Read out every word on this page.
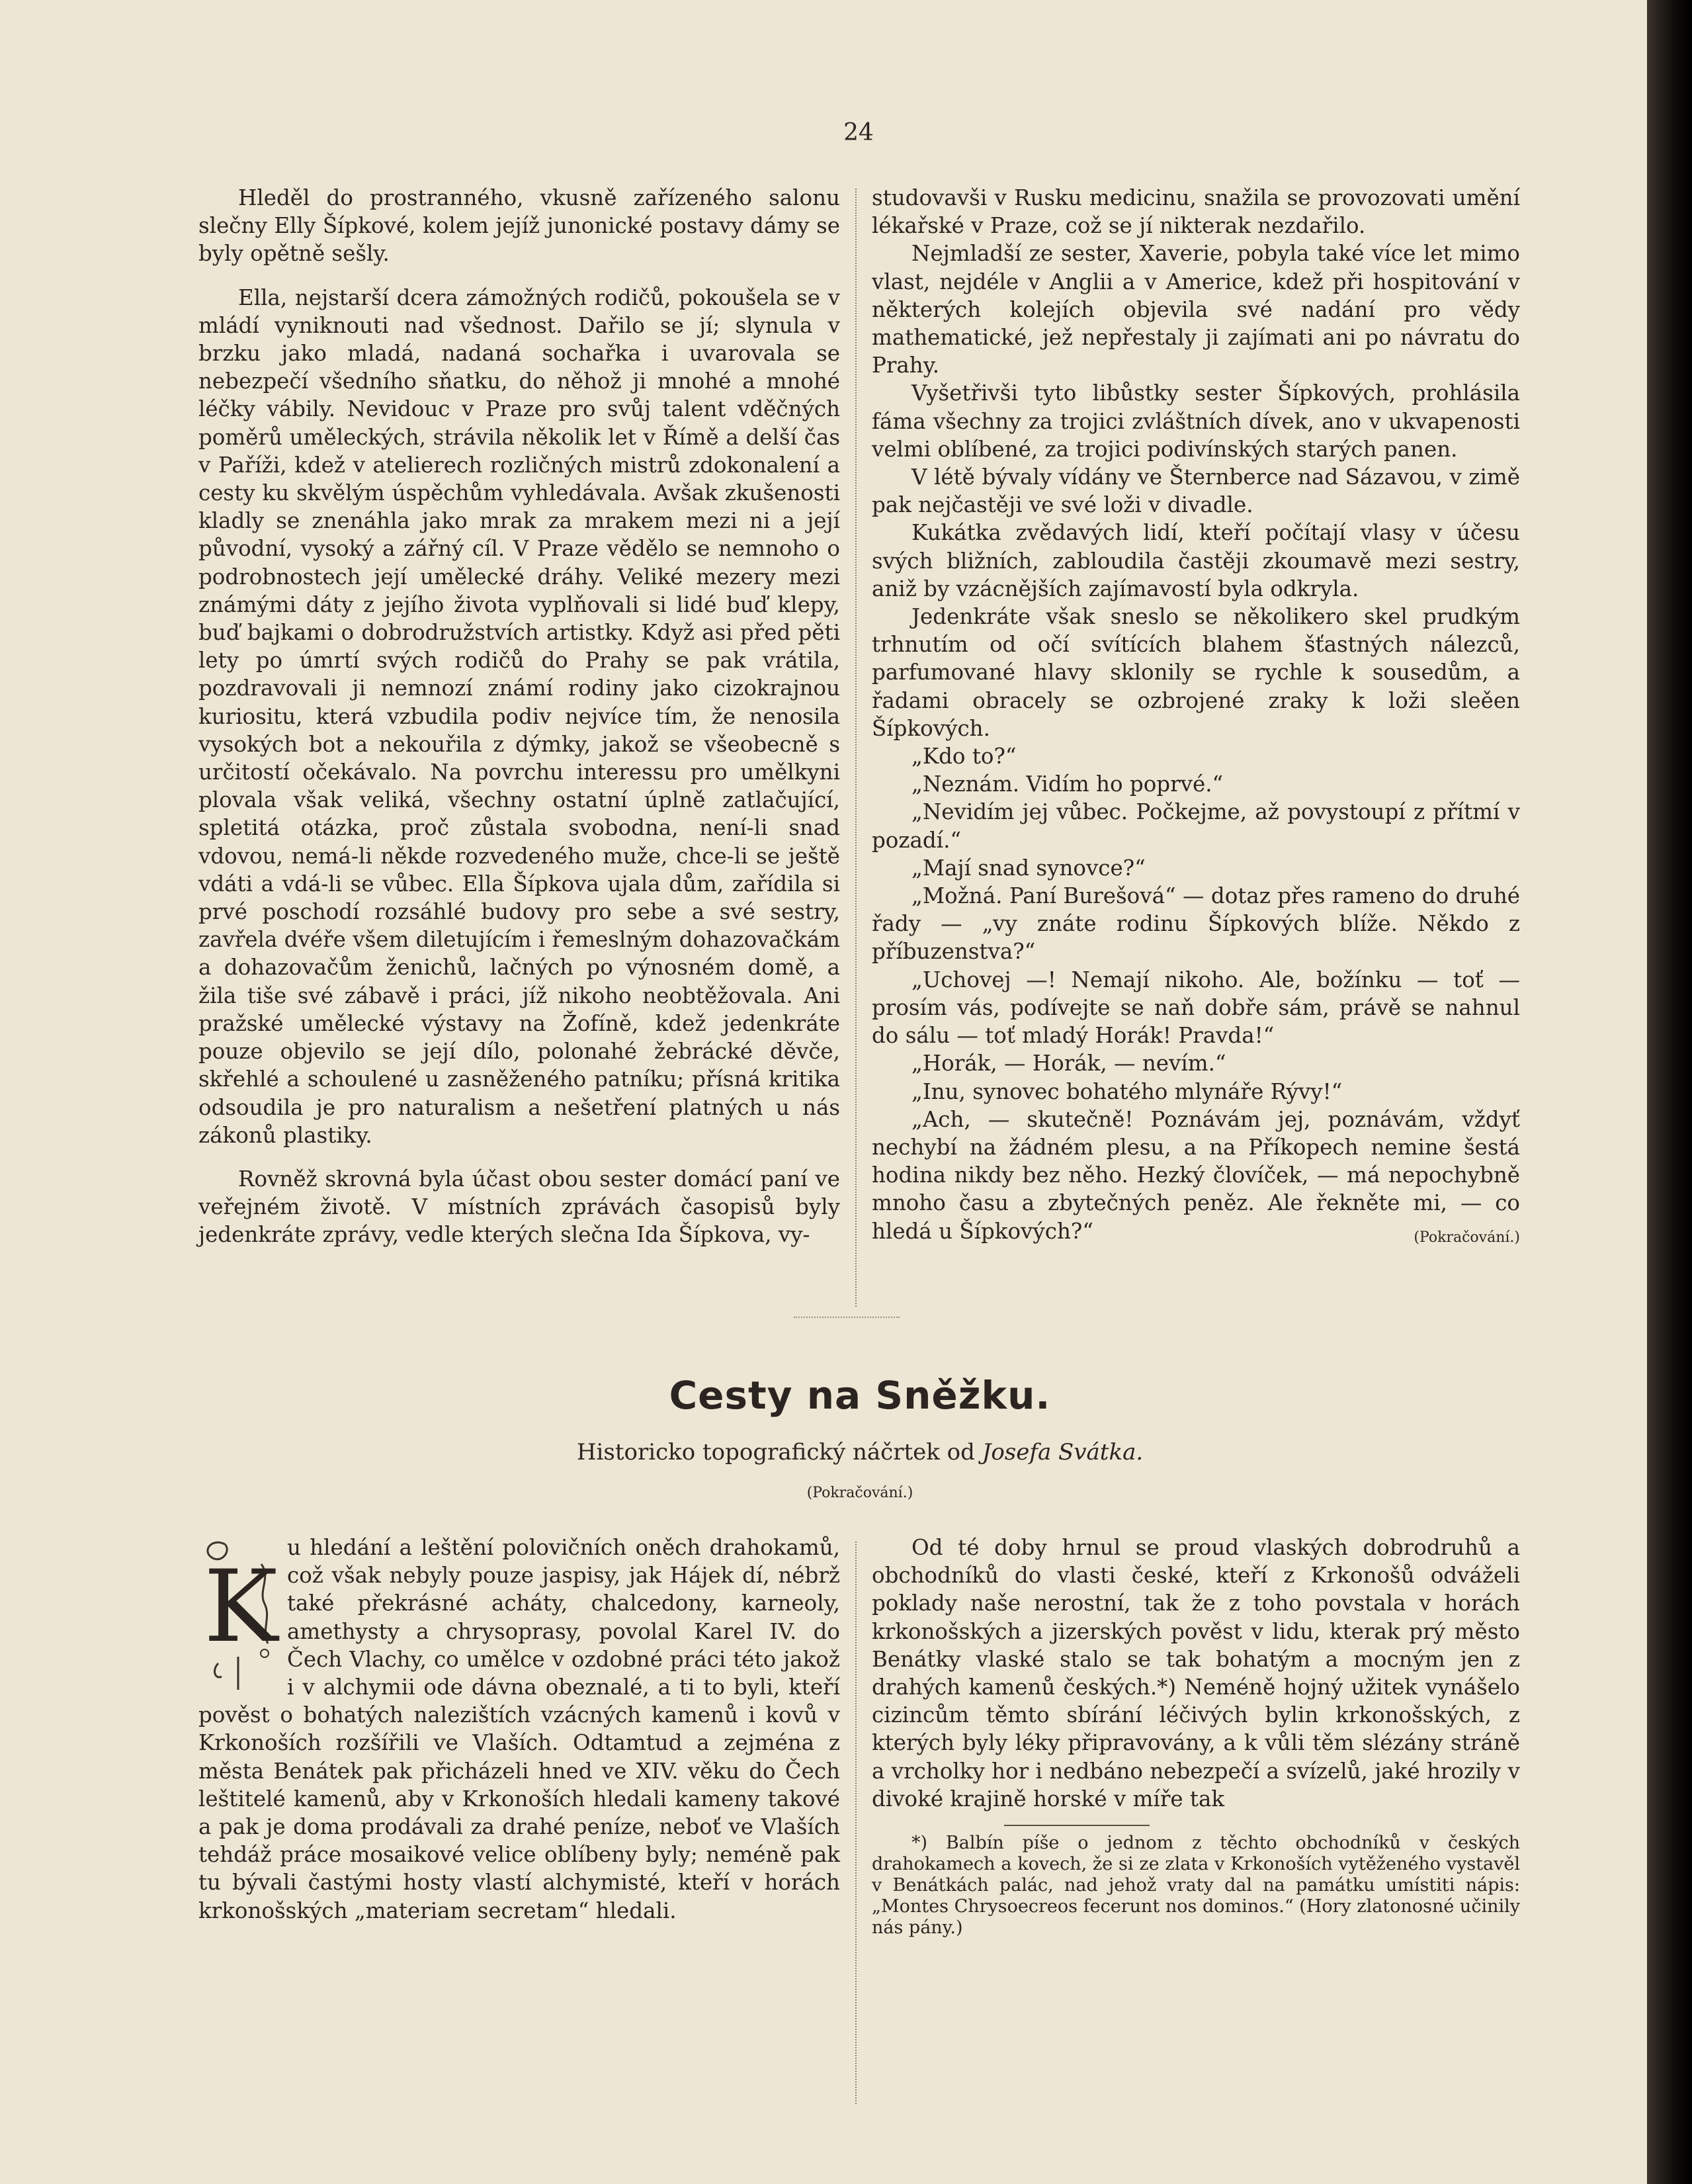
24

Hleděl do prostranného, vkusně zařízeného salonu slečny Elly Šípkové, kolem jejíž junonické postavy dámy se byly opětně sešly.

Ella, nejstarší dcera zámožných rodičů, pokoušela se v mládí vyniknouti nad všednost. Dařilo se jí; slynula v brzku jako mladá, nadaná sochařka i uvarovala se nebezpečí všedního sňatku, do něhož ji mnohé a mnohé léčky vábily. Nevidouc v Praze pro svůj talent vděčných poměrů uměleckých, strávila několik let v Římě a delší čas v Paříži, kdež v atelierech rozličných mistrů zdokonalení a cesty ku skvělým úspěchům vyhledávala. Avšak zkušenosti kladly se znenáhla jako mrak za mrakem mezi ni a její původní, vysoký a zářný cíl. V Praze vědělo se nemnoho o podrobnostech její umělecké dráhy. Veliké mezery mezi známými dáty z jejího života vyplňovali si lidé buď klepy, buď bajkami o dobrodružstvích artistky. Když asi před pěti lety po úmrtí svých rodičů do Prahy se pak vrátila, pozdravovali ji nemnozí známí rodiny jako cizokrajnou kuriositu, která vzbudila podiv nejvíce tím, že nenosila vysokých bot a nekouřila z dýmky, jakož se všeobecně s určitostí očekávalo. Na povrchu interessu pro umělkyni plovala však veliká, všechny ostatní úplně zatlačující, spletitá otázka, proč zůstala svobodna, není-li snad vdovou, nemá-li někde rozvedeného muže, chce-li se ještě vdáti a vdá-li se vůbec. Ella Šípkova ujala dům, zařídila si prvé poschodí rozsáhlé budovy pro sebe a své sestry, zavřela dvéře všem diletujícím i řemeslným dohazovačkám a dohazovačům ženichů, lačných po výnosném domě, a žila tiše své zábavě i práci, jíž nikoho neobtěžovala. Ani pražské umělecké výstavy na Žofíně, kdež jedenkráte pouze objevilo se její dílo, polonahé žebrácké děvče, skřehlé a schoulené u zasněženého patníku; přísná kritika odsoudila je pro naturalism a nešetření platných u nás zákonů plastiky.

Rovněž skrovná byla účast obou sester domácí paní ve veřejném životě. V místních zprávách časopisů byly jedenkráte zprávy, vedle kterých slečna Ida Šípkova, vy-

studovavši v Rusku medicinu, snažila se provozovati umění lékařské v Praze, což se jí nikterak nezdařilo.

Nejmladší ze sester, Xaverie, pobyla také více let mimo vlast, nejdéle v Anglii a v Americe, kdež při hospitování v některých kolejích objevila své nadání pro vědy mathematické, jež nepřestaly ji zajímati ani po návratu do Prahy.

Vyšetřivši tyto libůstky sester Šípkových, prohlásila fáma všechny za trojici zvláštních dívek, ano v ukvapenosti velmi oblíbené, za trojici podivínských starých panen.

V létě bývaly vídány ve Šternberce nad Sázavou, v zimě pak nejčastěji ve své loži v divadle.

Kukátka zvědavých lidí, kteří počítají vlasy v účesu svých bližních, zabloudila častěji zkoumavě mezi sestry, aniž by vzácnějších zajímavostí byla odkryla.

Jedenkráte však sneslo se několikero skel prudkým trhnutím od očí svítících blahem šťastných nálezců, parfumované hlavy sklonily se rychle k sousedům, a řadami obracely se ozbrojené zraky k loži sleěen Šípkových.

„Kdo to?“

„Neznám. Vidím ho poprvé.“

„Nevidím jej vůbec. Počkejme, až povystoupí z přítmí v pozadí.“

„Mají snad synovce?“

„Možná. Paní Burešová“ — dotaz přes rameno do druhé řady — „vy znáte rodinu Šípkových blíže. Někdo z příbuzenstva?“

„Uchovej —! Nemají nikoho. Ale, božínku — toť — prosím vás, podívejte se naň dobře sám, právě se nahnul do sálu — toť mladý Horák! Pravda!“

„Horák, — Horák, — nevím.“

„Inu, synovec bohatého mlynáře Rývy!“

„Ach, — skutečně! Poznávám jej, poznávám, vždyť nechybí na žádném plesu, a na Příkopech nemine šestá hodina nikdy bez něho. Hezký človíček, — má nepochybně mnoho času a zbytečných peněz. Ale řekněte mi, — co hledá u Šípkových?“	(Pokračování.)

Cesty na Sněžku.
Historicko topografický náčrtek od Josefa Svátka.
(Pokračování.)
K

u hledání a leštění polovičních oněch drahokamů, což však nebyly pouze jaspisy, jak Hájek dí, nébrž také překrásné acháty, chalcedony, karneoly, amethysty a chrysoprasy, povolal Karel IV. do Čech Vlachy, co umělce v ozdobné práci této jakož i v alchymii ode dávna obeznalé, a ti to byli, kteří pověst o bohatých nalezištích vzácných kamenů i kovů v Krkonoších rozšířili ve Vlaších. Odtamtud a zejména z města Benátek pak přicházeli hned ve XIV. věku do Čech leštitelé kamenů, aby v Krkonoších hledali kameny takové a pak je doma prodávali za drahé peníze, neboť ve Vlaších tehdáž práce mosaikové velice oblíbeny byly; neméně pak tu bývali častými hosty vlastí alchymisté, kteří v horách krkonošských „materiam secretam“ hledali.

Od té doby hrnul se proud vlaských dobrodruhů a obchodníků do vlasti české, kteří z Krkonošů odváželi poklady naše nerostní, tak že z toho povstala v horách krkonošských a jizerských pověst v lidu, kterak prý město Benátky vlaské stalo se tak bohatým a mocným jen z drahých kamenů českých.*) Neméně hojný užitek vynášelo cizincům těmto sbírání léčivých bylin krkonošských, z kterých byly léky připravovány, a k vůli těm slézány stráně a vrcholky hor i nedbáno nebezpečí a svízelů, jaké hrozily v divoké krajině horské v míře tak

*) Balbín píše o jednom z těchto obchodníků v českých drahokamech a kovech, že si ze zlata v Krkonoších vytěženého vystavěl v Benátkách palác, nad jehož vraty dal na památku umístiti nápis: „Montes Chrysoecreos fecerunt nos dominos.“ (Hory zlatonosné učinily nás pány.)
